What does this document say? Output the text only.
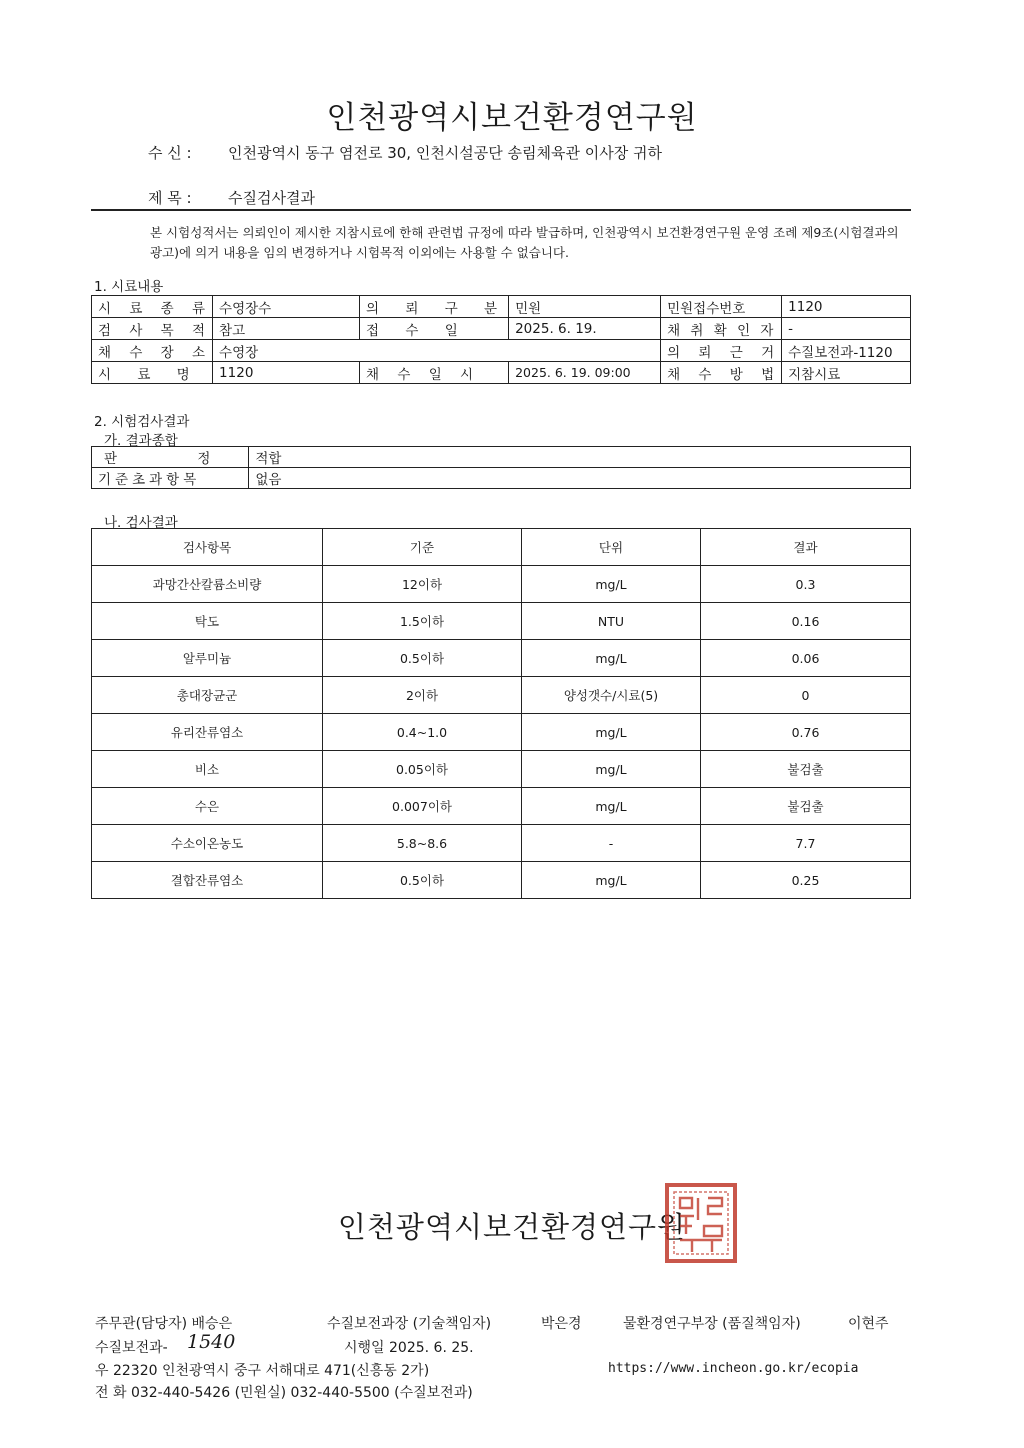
인천광역시보건환경연구원
수 신 : 인천광역시 동구 염전로 30, 인천시설공단 송림체육관 이사장 귀하
제 목 : 수질검사결과
본 시험성적서는 의뢰인이 제시한 지참시료에 한해 관련법 규정에 따라 발급하며, 인천광역시 보건환경연구원 운영 조례 제9조(시험결과의 광고)에 의거 내용을 임의 변경하거나 시험목적 이외에는 사용할 수 없습니다.
1. 시료내용
시 료 종 류	수영장수	의 뢰 구 분	민원	민원접수번호	1120
검 사 목 적	참고	접 수 일	2025. 6. 19.	채 취 확 인 자	-
채 수 장 소	수영장			의 뢰 근 거	수질보전과-1120
시 료 명	1120	채 수 일 시	2025. 6. 19. 09:00	채 수 방 법	지참시료
2. 시험검사결과
가. 결과종합
판 정	적합
기준초과항목	없음
나. 검사결과
검사항목	기준	단위	결과
과망간산칼륨소비량	12이하	mg/L	0.3
탁도	1.5이하	NTU	0.16
알루미늄	0.5이하	mg/L	0.06
총대장균군	2이하	양성갯수/시료(5)	0
유리잔류염소	0.4~1.0	mg/L	0.76
비소	0.05이하	mg/L	불검출
수은	0.007이하	mg/L	불검출
수소이온농도	5.8~8.6	-	7.7
결합잔류염소	0.5이하	mg/L	0.25
인천광역시보건환경연구원
주무관(담당자) 배승은	수질보전과장 (기술책임자)	박은경	물환경연구부장 (품질책임자)	이현주
수질보전과- 1540	시행일 2025. 6. 25.
우 22320 인천광역시 중구 서해대로 471(신흥동 2가)	https://www.incheon.go.kr/ecopia
전 화 032-440-5426 (민원실) 032-440-5500 (수질보전과)
